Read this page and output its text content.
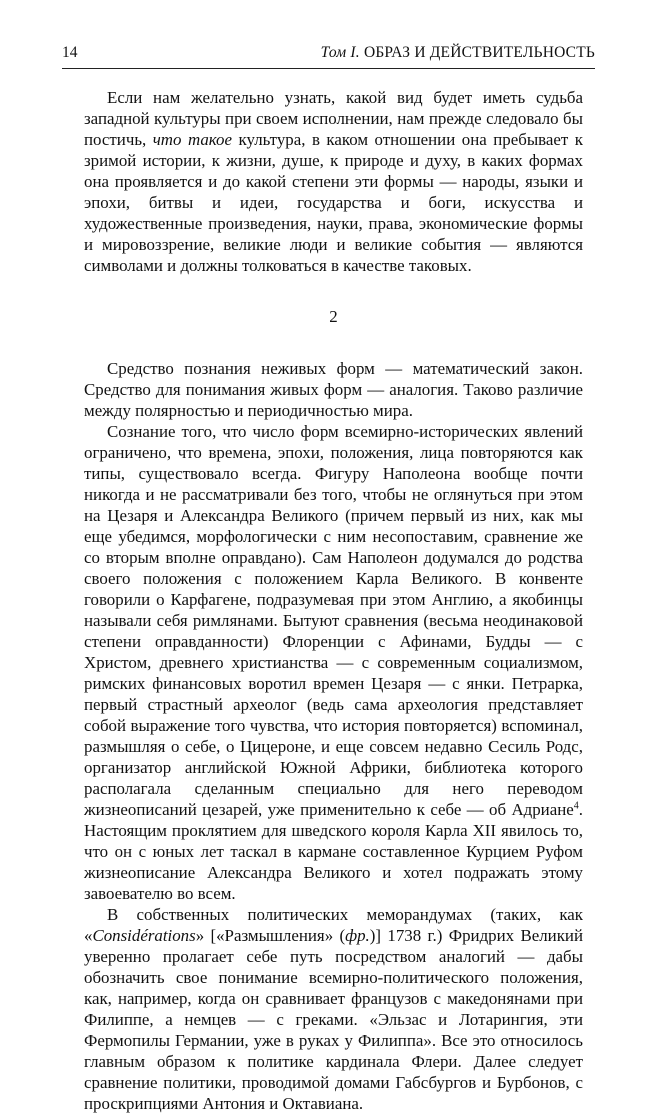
14	Том I. ОБРАЗ И ДЕЙСТВИТЕЛЬНОСТЬ

Если нам желательно узнать, какой вид будет иметь судьба западной культуры при своем исполнении, нам прежде следовало бы постичь, что такое культура, в каком отношении она пребывает к зримой истории, к жизни, душе, к природе и духу, в каких формах она проявляется и до какой степени эти формы — народы, языки и эпохи, битвы и идеи, государства и боги, искусства и художественные произведения, науки, права, экономические формы и мировоззрение, великие люди и великие события — являются символами и должны толковаться в качестве таковых.

2

Средство познания неживых форм — математический закон. Средство для понимания живых форм — аналогия. Таково различие между полярностью и периодичностью мира.

Сознание того, что число форм всемирно-исторических явлений ограничено, что времена, эпохи, положения, лица повторяются как типы, существовало всегда. Фигуру Наполеона вообще почти никогда и не рассматривали без того, чтобы не оглянуться при этом на Цезаря и Александра Великого (причем первый из них, как мы еще убедимся, морфологически с ним несопоставим, сравнение же со вторым вполне оправдано). Сам Наполеон додумался до родства своего положения с положением Карла Великого. В конвенте говорили о Карфагене, подразумевая при этом Англию, а якобинцы называли себя римлянами. Бытуют сравнения (весьма неодинаковой степени оправданности) Флоренции с Афинами, Будды — с Христом, древнего христианства — с современным социализмом, римских финансовых воротил времен Цезаря — с янки. Петрарка, первый страстный археолог (ведь сама археология представляет собой выражение того чувства, что история повторяется) вспоминал, размышляя о себе, о Цицероне, и еще совсем недавно Сесиль Родс, организатор английской Южной Африки, библиотека которого располагала сделанным специально для него переводом жизнеописаний цезарей, уже применительно к себе — об Адриане$^4$. Настоящим проклятием для шведского короля Карла XII явилось то, что он с юных лет таскал в кармане составленное Курцием Руфом жизнеописание Александра Великого и хотел подражать этому завоевателю во всем.

В собственных политических меморандумах (таких, как «Considérations» [«Размышления» (фр.)] 1738 г.) Фридрих Великий уверенно пролагает себе путь посредством аналогий — дабы обозначить свое понимание всемирно-политического положения, как, например, когда он сравнивает французов с македонянами при Филиппе, а немцев — с греками. «Эльзас и Лотарингия, эти Фермопилы Германии, уже в руках у Филиппа». Все это относилось главным образом к политике кардинала Флери. Далее следует сравнение политики, проводимой домами Габсбургов и Бурбонов, с проскрипциями Антония и Октавиана.
